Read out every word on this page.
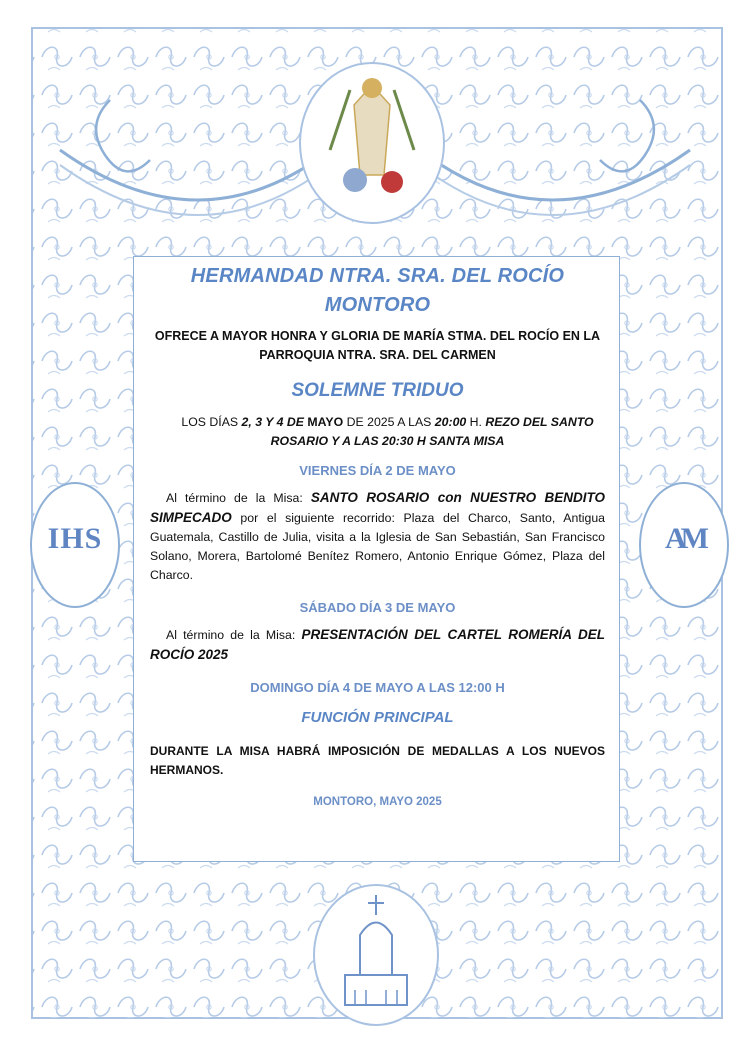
IHS	AM
HERMANDAD NTRA. SRA. DEL ROCÍO
MONTORO
OFRECE A MAYOR HONRA Y GLORIA DE MARÍA STMA. DEL ROCÍO EN LA
PARROQUIA NTRA. SRA. DEL CARMEN
SOLEMNE TRIDUO
LOS DÍAS 2, 3 Y 4 DE MAYO DE 2025 A LAS 20:00 H. REZO DEL SANTO
ROSARIO Y A LAS 20:30 H SANTA MISA
VIERNES DÍA 2 DE MAYO
Al término de la Misa: SANTO ROSARIO con NUESTRO BENDITO SIMPECADO por el siguiente recorrido: Plaza del Charco, Santo, Antigua Guatemala, Castillo de Julia, visita a la Iglesia de San Sebastián, San Francisco Solano, Morera, Bartolomé Benítez Romero, Antonio Enrique Gómez, Plaza del Charco.
SÁBADO DÍA 3 DE MAYO
Al término de la Misa: PRESENTACIÓN DEL CARTEL ROMERÍA DEL ROCÍO 2025
DOMINGO DÍA 4 DE MAYO A LAS 12:00 H
FUNCIÓN PRINCIPAL
DURANTE LA MISA HABRÁ IMPOSICIÓN DE MEDALLAS A LOS NUEVOS HERMANOS.
MONTORO, MAYO 2025
